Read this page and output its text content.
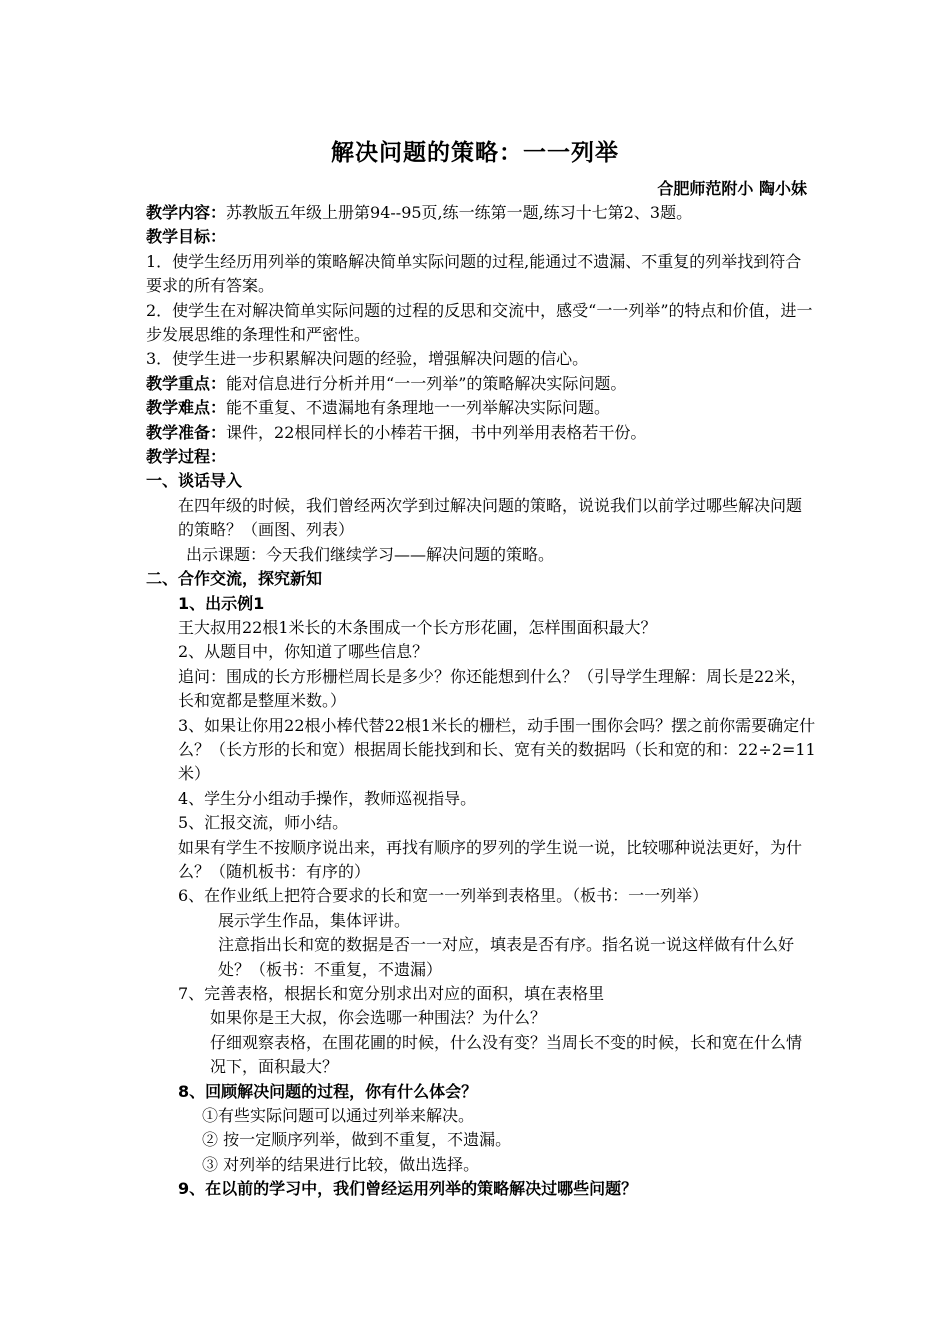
解决问题的策略：一一列举
合肥师范附小 陶小妹

教学内容：苏教版五年级上册第94--95页,练一练第一题,练习十七第2、3题。

教学目标：

1．使学生经历用列举的策略解决简单实际问题的过程,能通过不遗漏、不重复的列举找到符合要求的所有答案。

2．使学生在对解决简单实际问题的过程的反思和交流中，感受“一一列举”的特点和价值，进一步发展思维的条理性和严密性。

3．使学生进一步积累解决问题的经验，增强解决问题的信心。

教学重点：能对信息进行分析并用“一一列举”的策略解决实际问题。

教学难点：能不重复、不遗漏地有条理地一一列举解决实际问题。

教学准备：课件，22根同样长的小棒若干捆，书中列举用表格若干份。

教学过程：

一、谈话导入

在四年级的时候，我们曾经两次学到过解决问题的策略，说说我们以前学过哪些解决问题的策略？（画图、列表）

出示课题：今天我们继续学习——解决问题的策略。

二、合作交流，探究新知

1、出示例1

王大叔用22根1米长的木条围成一个长方形花圃，怎样围面积最大？

2、从题目中，你知道了哪些信息？

追问：围成的长方形栅栏周长是多少？你还能想到什么？（引导学生理解：周长是22米，长和宽都是整厘米数。）

3、如果让你用22根小棒代替22根1米长的栅栏，动手围一围你会吗？摆之前你需要确定什么？（长方形的长和宽）根据周长能找到和长、宽有关的数据吗（长和宽的和：22÷2=11米）

4、学生分小组动手操作，教师巡视指导。

5、汇报交流，师小结。

如果有学生不按顺序说出来，再找有顺序的罗列的学生说一说，比较哪种说法更好，为什么？（随机板书：有序的）

6、在作业纸上把符合要求的长和宽一一列举到表格里。（板书：一一列举）

展示学生作品，集体评讲。

注意指出长和宽的数据是否一一对应，填表是否有序。指名说一说这样做有什么好处？（板书：不重复，不遗漏）

7、完善表格，根据长和宽分别求出对应的面积，填在表格里

如果你是王大叔，你会选哪一种围法？为什么？

仔细观察表格，在围花圃的时候，什么没有变？当周长不变的时候，长和宽在什么情况下，面积最大？

8、回顾解决问题的过程，你有什么体会？

①有些实际问题可以通过列举来解决。

② 按一定顺序列举，做到不重复，不遗漏。

③ 对列举的结果进行比较，做出选择。

9、在以前的学习中，我们曾经运用列举的策略解决过哪些问题？
